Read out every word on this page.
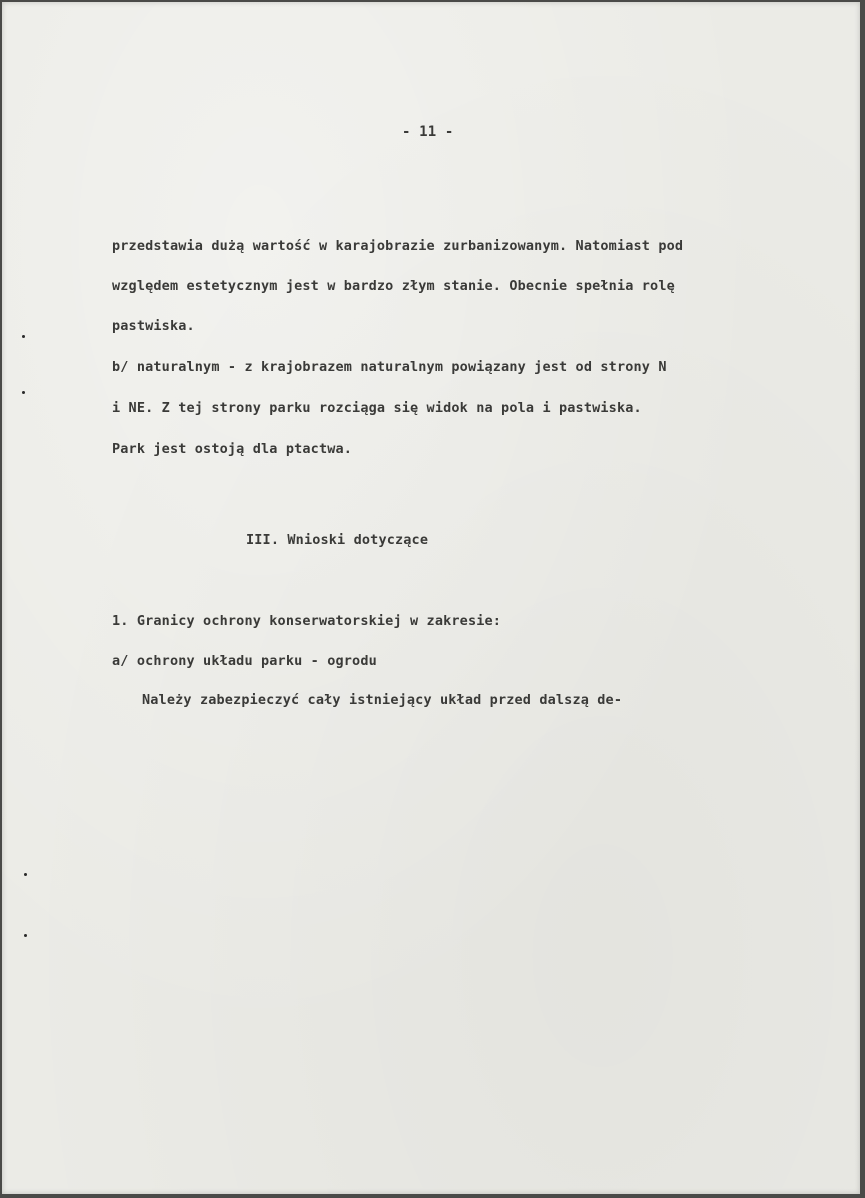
- 11 -
przedstawia dużą wartość w karajobrazie zurbanizowanym. Natomiast pod
względem estetycznym jest w bardzo złym stanie. Obecnie spełnia rolę
pastwiska.
b/ naturalnym - z krajobrazem naturalnym powiązany jest od strony N
i NE. Z tej strony parku rozciąga się widok na pola i pastwiska.
Park jest ostoją dla ptactwa.
III. Wnioski dotyczące
1. Granicy ochrony konserwatorskiej w zakresie:
a/ ochrony układu parku - ogrodu
Należy zabezpieczyć cały istniejący układ przed dalszą de-
